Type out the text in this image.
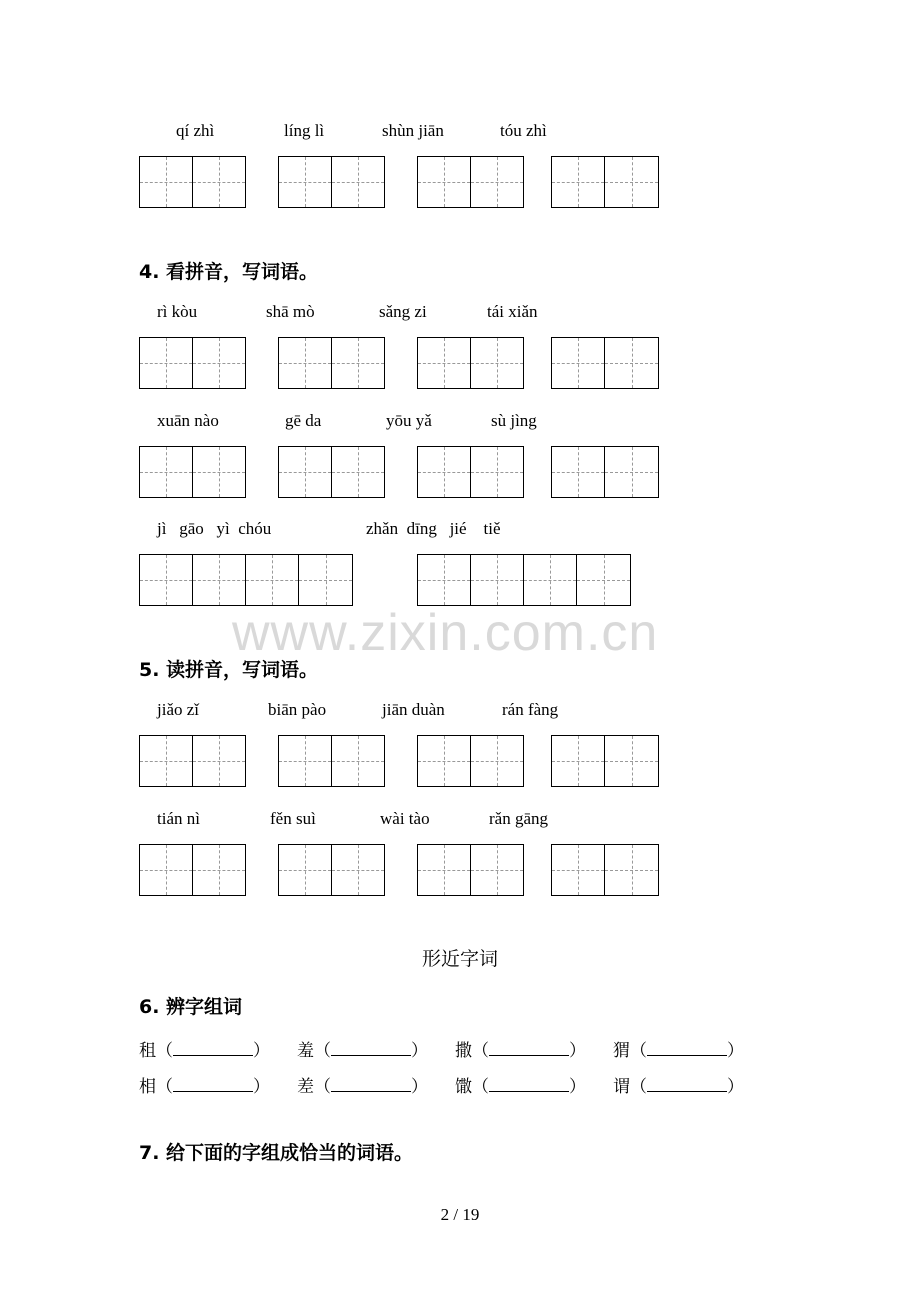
qí zhì	líng lì	shùn jiān	tóu zhì
4. 看拼音，写词语。
rì kòu	shā mò	sǎng zi	tái xiǎn
xuān nào	gē da	yōu yǎ	sù jìng
jì   gāo   yì  chóu	zhǎn  dīng   jié    tiě
www.zixin.com.cn
5. 读拼音，写词语。
jiǎo zǐ	biān pào	jiān duàn	rán fàng
tián nì	fěn suì	wài tào	rǎn gāng
形近字词
6. 辨字组词
租（	） 羞（	） 撒（	） 猬（	）
相（	） 差（	） 馓（	） 谓（	）
7. 给下面的字组成恰当的词语。
2 / 19
